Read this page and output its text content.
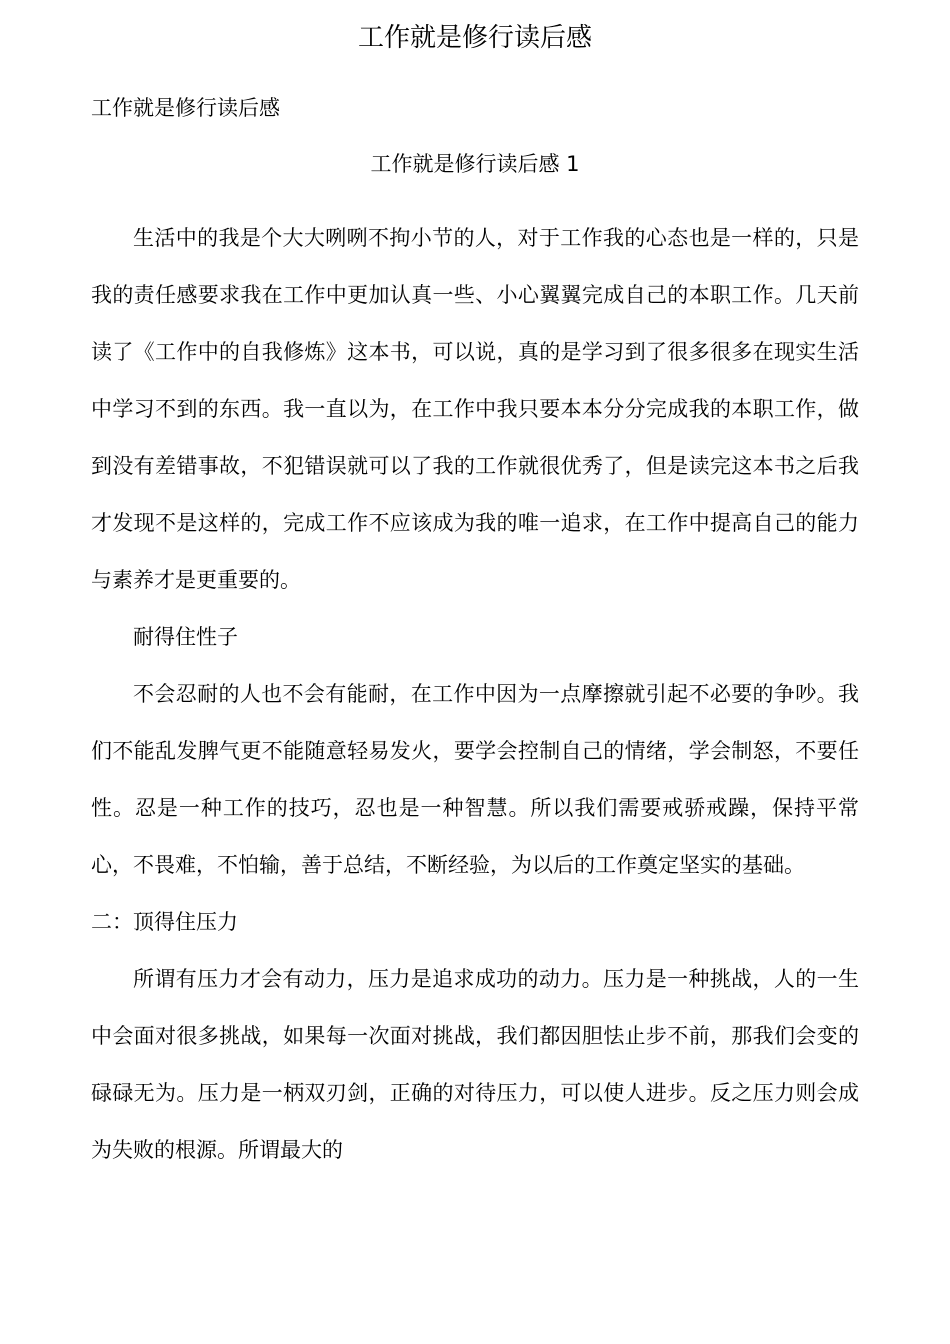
工作就是修行读后感
工作就是修行读后感
工作就是修行读后感 1

生活中的我是个大大咧咧不拘小节的人，对于工作我的心态也是一样的，只是我的责任感要求我在工作中更加认真一些、小心翼翼完成自己的本职工作。几天前读了《工作中的自我修炼》这本书，可以说，真的是学习到了很多很多在现实生活中学习不到的东西。我一直以为，在工作中我只要本本分分完成我的本职工作，做到没有差错事故，不犯错误就可以了我的工作就很优秀了，但是读完这本书之后我才发现不是这样的，完成工作不应该成为我的唯一追求，在工作中提高自己的能力与素养才是更重要的。

耐得住性子

不会忍耐的人也不会有能耐，在工作中因为一点摩擦就引起不必要的争吵。我们不能乱发脾气更不能随意轻易发火，要学会控制自己的情绪，学会制怒，不要任性。忍是一种工作的技巧，忍也是一种智慧。所以我们需要戒骄戒躁，保持平常心，不畏难，不怕输，善于总结，不断经验，为以后的工作奠定坚实的基础。

二：顶得住压力

所谓有压力才会有动力，压力是追求成功的动力。压力是一种挑战，人的一生中会面对很多挑战，如果每一次面对挑战，我们都因胆怯止步不前，那我们会变的碌碌无为。压力是一柄双刃剑，正确的对待压力，可以使人进步。反之压力则会成为失败的根源。所谓最大的
